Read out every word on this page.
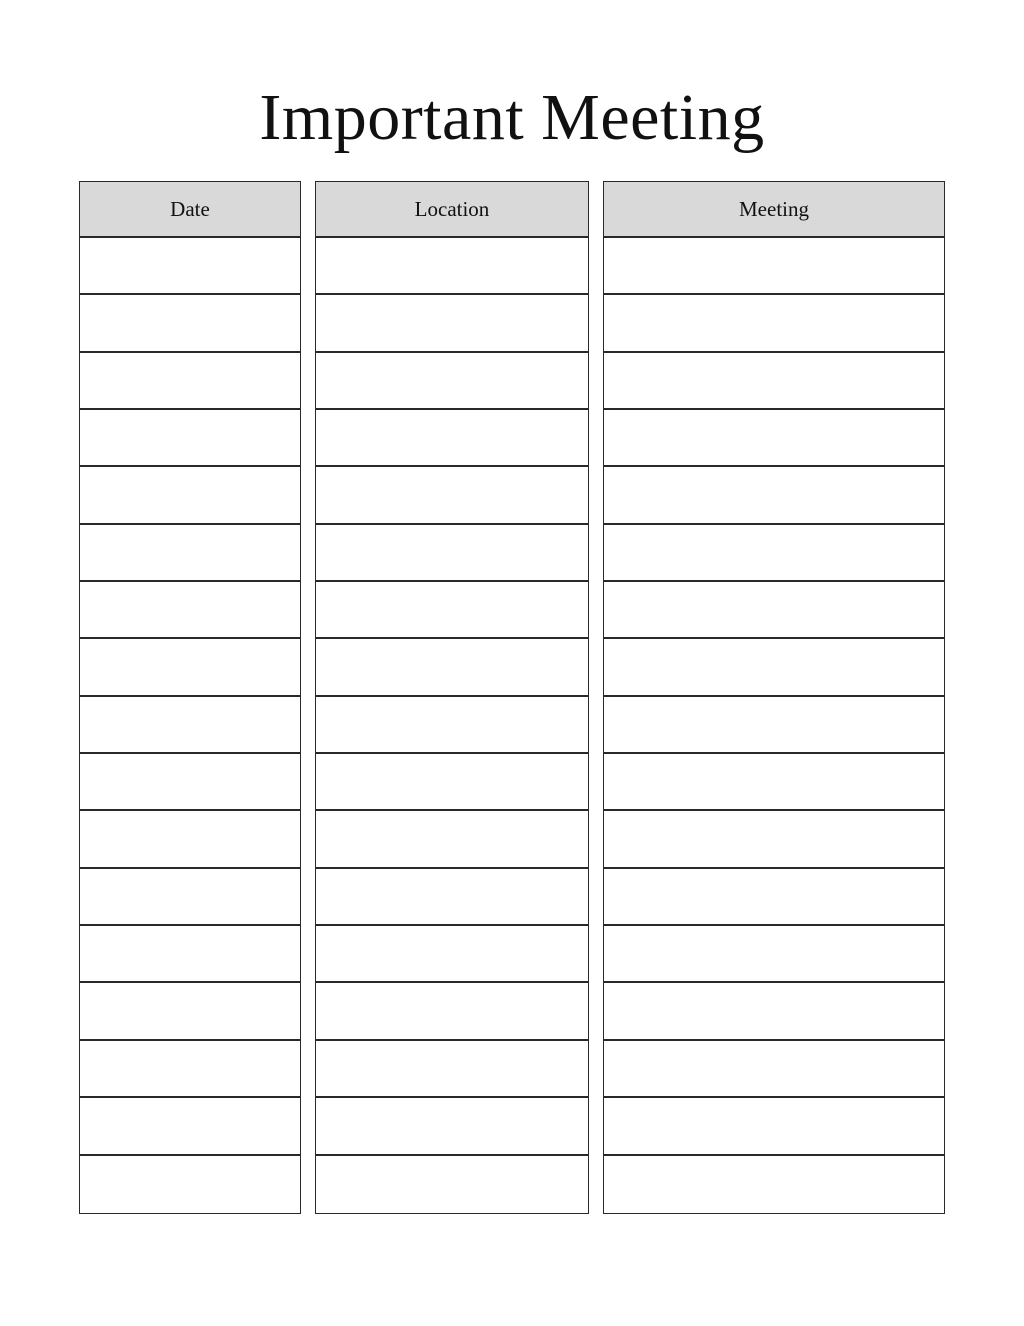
Important Meeting
Date	Location	Meeting
